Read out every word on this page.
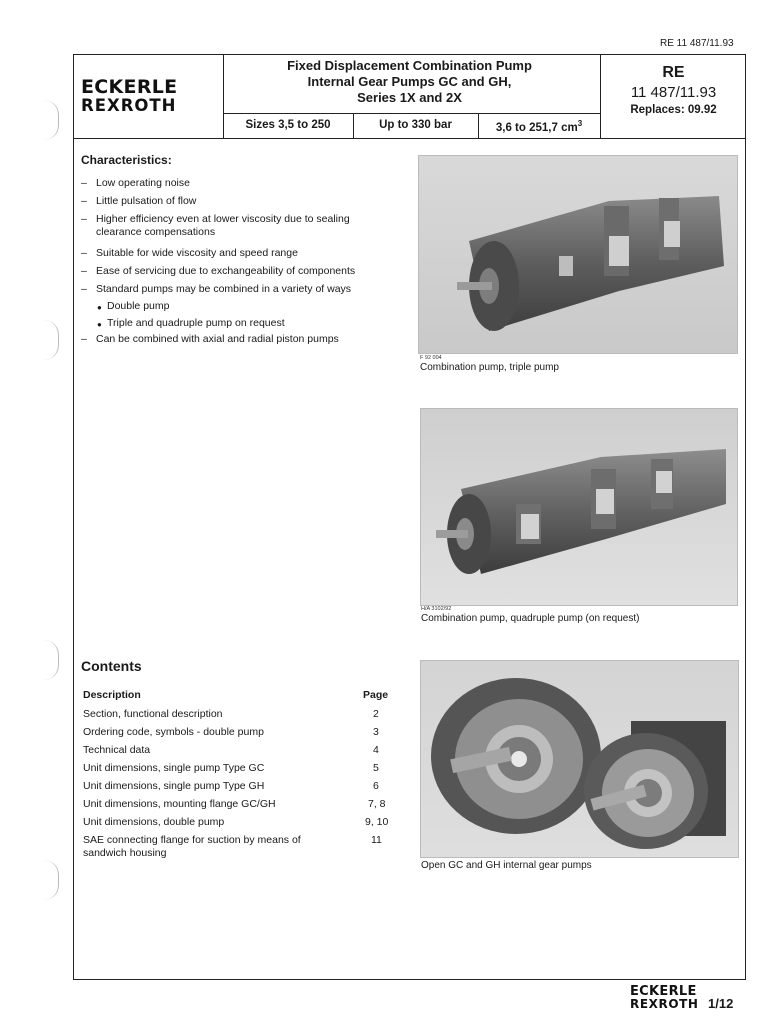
RE 11 487/11.93
ECKERLE
REXROTH
Fixed Displacement Combination Pump
Internal Gear Pumps GC and GH,
Series 1X and 2X
Sizes 3,5 to 250	Up to 330 bar	3,6 to 251,7 $cm^3$
RE
11 487/11.93
Replaces: 09.92
Characteristics:
– Low operating noise
– Little pulsation of flow
– Higher efficiency even at lower viscosity due to sealing
clearance compensations
– Suitable for wide viscosity and speed range
– Ease of servicing due to exchangeability of components
– Standard pumps may be combined in a variety of ways
● Double pump
● Triple and quadruple pump on request
– Can be combined with axial and radial piston pumps
F 92 004
Combination pump, triple pump
H/A 3102/92
Combination pump, quadruple pump (on request)
Open GC and GH internal gear pumps
Contents
Description	Page
Section, functional description	2
Ordering code, symbols - double pump	3
Technical data	4
Unit dimensions, single pump Type GC	5
Unit dimensions, single pump Type GH	6
Unit dimensions, mounting flange GC/GH	7, 8
Unit dimensions, double pump	9, 10
SAE connecting flange for suction by means of	11
sandwich housing
ECKERLE
REXROTH 1/12
